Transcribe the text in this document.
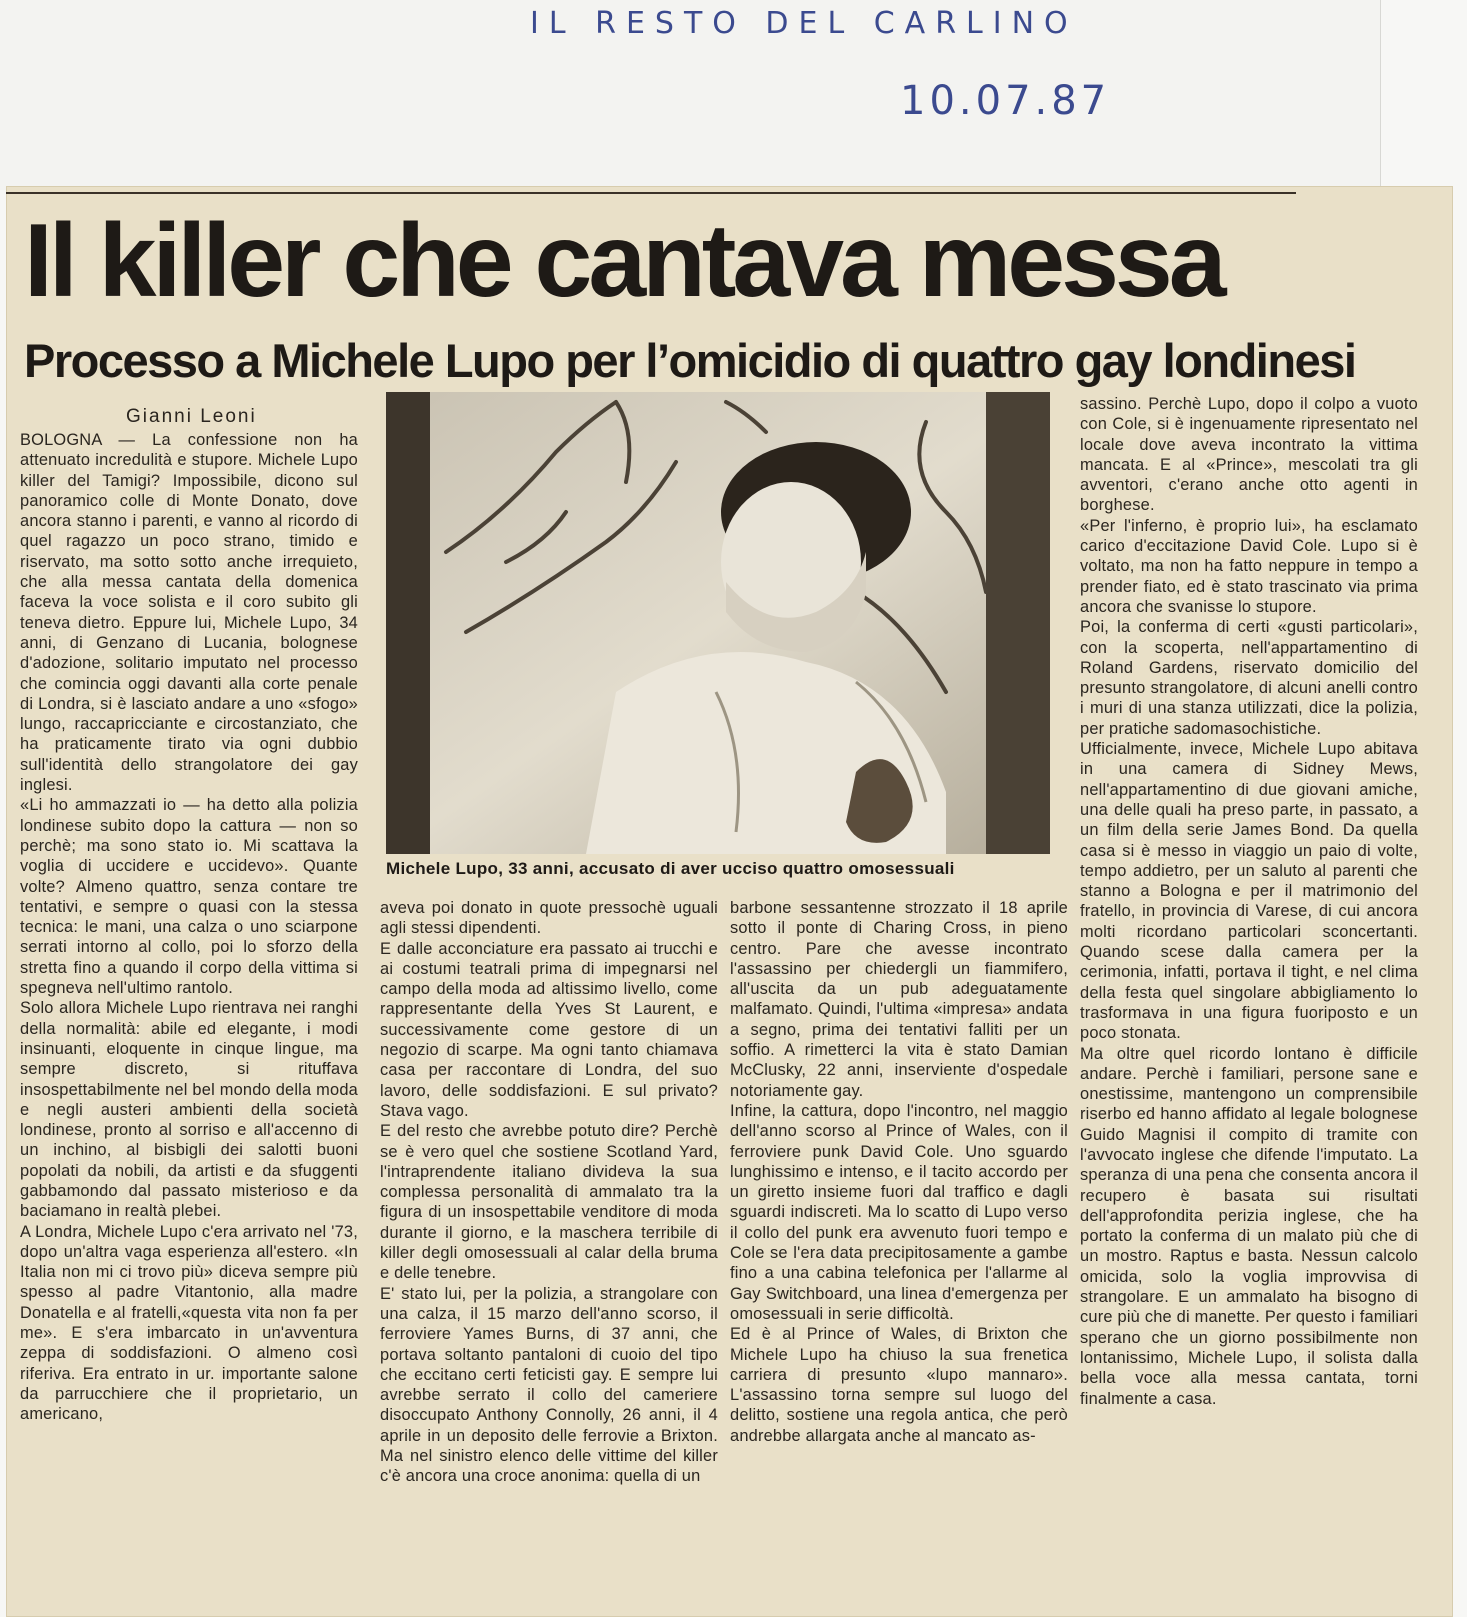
IL RESTO DEL CARLINO
10.07.87
Il killer che cantava messa
Processo a Michele Lupo per l’omicidio di quattro gay londinesi
Gianni Leoni

BOLOGNA — La confessione non ha attenuato incredulità e stupore. Michele Lupo killer del Tamigi? Impossibile, dicono sul panoramico colle di Monte Donato, dove ancora stanno i parenti, e vanno al ricordo di quel ragazzo un poco strano, timido e riservato, ma sotto sotto anche irrequieto, che alla messa cantata della domenica faceva la voce solista e il coro subito gli teneva dietro. Eppure lui, Michele Lupo, 34 anni, di Genzano di Lucania, bolognese d'adozione, solitario imputato nel processo che comincia oggi davanti alla corte penale di Londra, si è lasciato andare a uno «sfogo» lungo, raccapricciante e circostanziato, che ha praticamente tirato via ogni dubbio sull'identità dello strangolatore dei gay inglesi.

«Li ho ammazzati io — ha detto alla polizia londinese subito dopo la cattura — non so perchè; ma sono stato io. Mi scattava la voglia di uccidere e uccidevo». Quante volte? Almeno quattro, senza contare tre tentativi, e sempre o quasi con la stessa tecnica: le mani, una calza o uno sciarpone serrati intorno al collo, poi lo sforzo della stretta fino a quando il corpo della vittima si spegneva nell'ultimo rantolo.

Solo allora Michele Lupo rientrava nei ranghi della normalità: abile ed elegante, i modi insinuanti, eloquente in cinque lingue, ma sempre discreto, si rituffava insospettabilmente nel bel mondo della moda e negli austeri ambienti della società londinese, pronto al sorriso e all'accenno di un inchino, al bisbigli dei salotti buoni popolati da nobili, da artisti e da sfuggenti gabbamondo dal passato misterioso e da baciamano in realtà plebei.

A Londra, Michele Lupo c'era arrivato nel '73, dopo un'altra vaga esperienza all'estero. «In Italia non mi ci trovo più» diceva sempre più spesso al padre Vitantonio, alla madre Donatella e al fratelli,«questa vita non fa per me». E s'era imbarcato in un'avventura zeppa di soddisfazioni. O almeno così riferiva. Era entrato in ur. importante salone da parrucchiere che il proprietario, un americano,

Michele Lupo, 33 anni, accusato di aver ucciso quattro omosessuali

aveva poi donato in quote pressochè uguali agli stessi dipendenti.

E dalle acconciature era passato ai trucchi e ai costumi teatrali prima di impegnarsi nel campo della moda ad altissimo livello, come rappresentante della Yves St Laurent, e successivamente come gestore di un negozio di scarpe. Ma ogni tanto chiamava casa per raccontare di Londra, del suo lavoro, delle soddisfazioni. E sul privato? Stava vago.

E del resto che avrebbe potuto dire? Perchè se è vero quel che sostiene Scotland Yard, l'intraprendente italiano divideva la sua complessa personalità di ammalato tra la figura di un insospettabile venditore di moda durante il giorno, e la maschera terribile di killer degli omosessuali al calar della bruma e delle tenebre.

E' stato lui, per la polizia, a strangolare con una calza, il 15 marzo dell'anno scorso, il ferroviere Yames Burns, di 37 anni, che portava soltanto pantaloni di cuoio del tipo che eccitano certi feticisti gay. E sempre lui avrebbe serrato il collo del cameriere disoccupato Anthony Connolly, 26 anni, il 4 aprile in un deposito delle ferrovie a Brixton. Ma nel sinistro elenco delle vittime del killer c'è ancora una croce anonima: quella di un

barbone sessantenne strozzato il 18 aprile sotto il ponte di Charing Cross, in pieno centro. Pare che avesse incontrato l'assassino per chiedergli un fiammifero, all'uscita da un pub adeguatamente malfamato. Quindi, l'ultima «impresa» andata a segno, prima dei tentativi falliti per un soffio. A rimetterci la vita è stato Damian McClusky, 22 anni, inserviente d'ospedale notoriamente gay.

Infine, la cattura, dopo l'incontro, nel maggio dell'anno scorso al Prince of Wales, con il ferroviere punk David Cole. Uno sguardo lunghissimo e intenso, e il tacito accordo per un giretto insieme fuori dal traffico e dagli sguardi indiscreti. Ma lo scatto di Lupo verso il collo del punk era avvenuto fuori tempo e Cole se l'era data precipitosamente a gambe fino a una cabina telefonica per l'allarme al Gay Switchboard, una linea d'emergenza per omosessuali in serie difficoltà.

Ed è al Prince of Wales, di Brixton che Michele Lupo ha chiuso la sua frenetica carriera di presunto «lupo mannaro». L'assassino torna sempre sul luogo del delitto, sostiene una regola antica, che però andrebbe allargata anche al mancato as-

sassino. Perchè Lupo, dopo il colpo a vuoto con Cole, si è ingenuamente ripresentato nel locale dove aveva incontrato la vittima mancata. E al «Prince», mescolati tra gli avventori, c'erano anche otto agenti in borghese.

«Per l'inferno, è proprio lui», ha esclamato carico d'eccitazione David Cole. Lupo si è voltato, ma non ha fatto neppure in tempo a prender fiato, ed è stato trascinato via prima ancora che svanisse lo stupore.

Poi, la conferma di certi «gusti particolari», con la scoperta, nell'appartamentino di Roland Gardens, riservato domicilio del presunto strangolatore, di alcuni anelli contro i muri di una stanza utilizzati, dice la polizia, per pratiche sadomasochistiche.

Ufficialmente, invece, Michele Lupo abitava in una camera di Sidney Mews, nell'appartamentino di due giovani amiche, una delle quali ha preso parte, in passato, a un film della serie James Bond. Da quella casa si è messo in viaggio un paio di volte, tempo addietro, per un saluto al parenti che stanno a Bologna e per il matrimonio del fratello, in provincia di Varese, di cui ancora molti ricordano particolari sconcertanti. Quando scese dalla camera per la cerimonia, infatti, portava il tight, e nel clima della festa quel singolare abbigliamento lo trasformava in una figura fuoriposto e un poco stonata.

Ma oltre quel ricordo lontano è difficile andare. Perchè i familiari, persone sane e onestissime, mantengono un comprensibile riserbo ed hanno affidato al legale bolognese Guido Magnisi il compito di tramite con l'avvocato inglese che difende l'imputato. La speranza di una pena che consenta ancora il recupero è basata sui risultati dell'approfondita perizia inglese, che ha portato la conferma di un malato più che di un mostro. Raptus e basta. Nessun calcolo omicida, solo la voglia improvvisa di strangolare. E un ammalato ha bisogno di cure più che di manette. Per questo i familiari sperano che un giorno possibilmente non lontanissimo, Michele Lupo, il solista dalla bella voce alla messa cantata, torni finalmente a casa.
